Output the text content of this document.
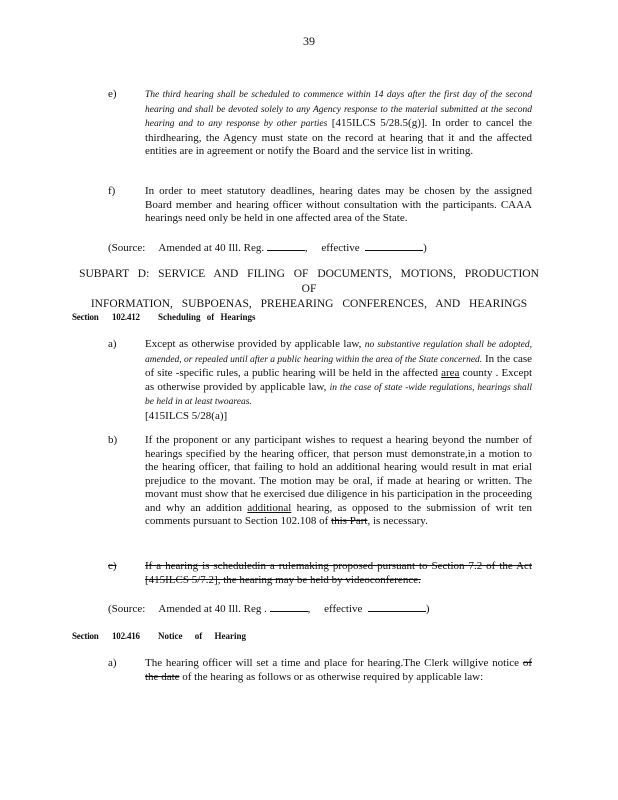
39
e)	The third hearing shall be scheduled to commence within 14 days after the first day of the second hearing and shall be devoted solely to any Agency response to the material submitted at the second hearing and to any response by other parties [415ILCS 5/28.5(g)]. In order to cancel the thirdhearing, the Agency must state on the record at hearing that it and the affected entities are in agreement or notify the Board and the service list in writing.
f)	In order to meet statutory deadlines, hearing dates may be chosen by the assigned Board member and hearing officer without consultation with the participants. CAAA hearings need only be held in one affected area of the State.
(Source: Amended at 40 Ill. Reg.	, effective	)
SUBPART D: SERVICE AND FILING OF DOCUMENTS, MOTIONS, PRODUCTION OF
INFORMATION, SUBPOENAS, PREHEARING CONFERENCES, AND HEARINGS
Section 102.412 Scheduling of Hearings
a)	Except as otherwise provided by applicable law, no substantive regulation shall be adopted, amended, or repealed until after a public hearing within the area of the State concerned. In the case of site -specific rules, a public hearing will be held in the affected area county . Except as otherwise provided by applicable law, in the case of state -wide regulations, hearings shall be held in at least twoareas.
[415ILCS 5/28(a)]
b)	If the proponent or any participant wishes to request a hearing beyond the number of hearings specified by the hearing officer, that person must demonstrate,in a motion to the hearing officer, that failing to hold an additional hearing would result in mat erial prejudice to the movant. The motion may be oral, if made at hearing or written. The movant must show that he exercised due diligence in his participation in the proceeding and why an addition additional hearing, as opposed to the submission of writ ten comments pursuant to Section 102.108 of this Part, is necessary.
c)	If a hearing is scheduledin a rulemaking proposed pursuant to Section 7.2 of the Act [415ILCS 5/7.2], the hearing may be held by videoconference.
(Source: Amended at 40 Ill. Reg .	, effective	)
Section 102.416 Notice of Hearing
a)	The hearing officer will set a time and place for hearing.The Clerk willgive notice of the date of the hearing as follows or as otherwise required by applicable law:
